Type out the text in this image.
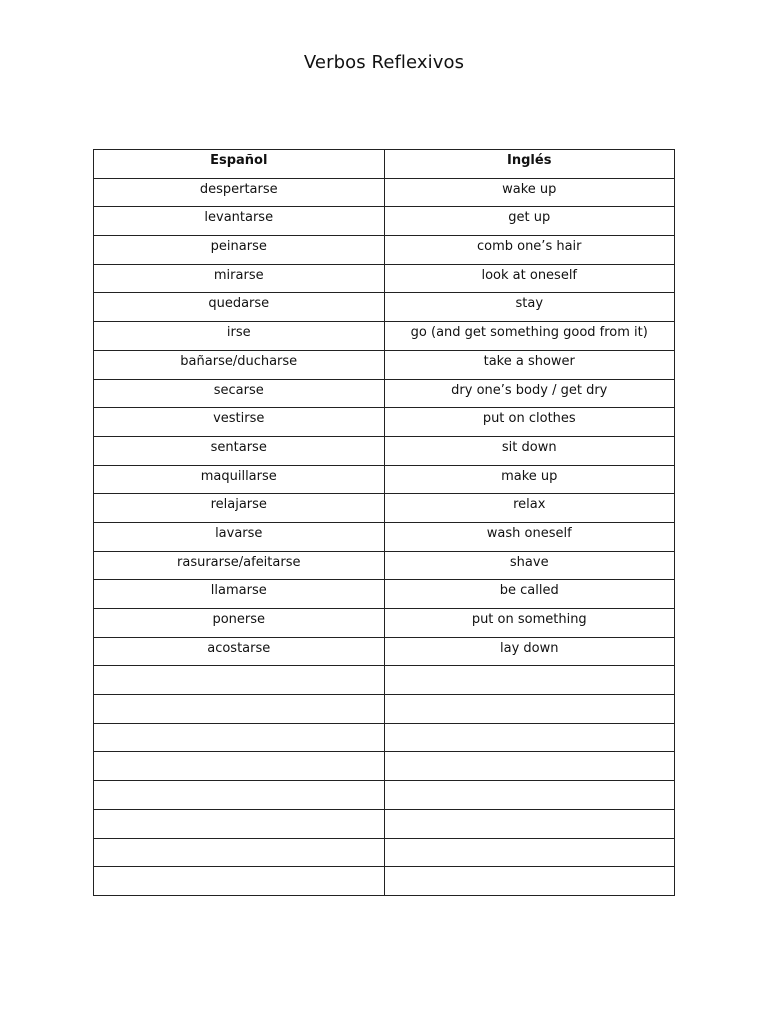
Verbos Reflexivos
Español	Inglés
despertarse	wake up
levantarse	get up
peinarse	comb one’s hair
mirarse	look at oneself
quedarse	stay
irse	go (and get something good from it)
bañarse/ducharse	take a shower
secarse	dry one’s body / get dry
vestirse	put on clothes
sentarse	sit down
maquillarse	make up
relajarse	relax
lavarse	wash oneself
rasurarse/afeitarse	shave
llamarse	be called
ponerse	put on something
acostarse	lay down
